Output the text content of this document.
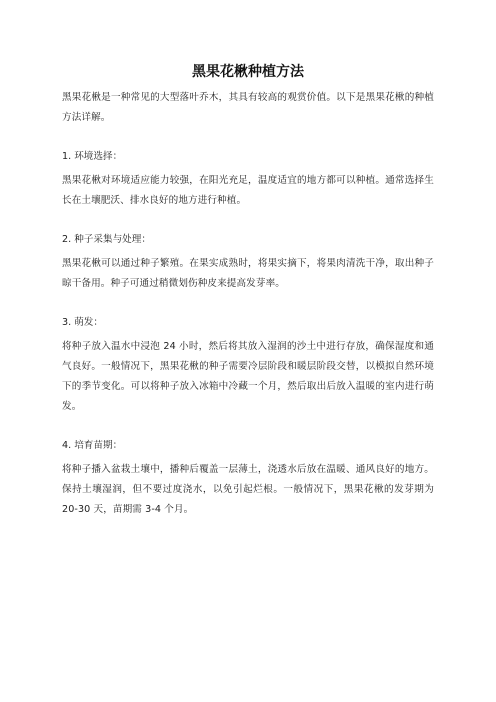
黑果花楸种植方法

黑果花楸是一种常见的大型落叶乔木，其具有较高的观赏价值。以下是黑果花楸的种植方法详解。

1. 环境选择：

黑果花楸对环境适应能力较强，在阳光充足，温度适宜的地方都可以种植。通常选择生长在土壤肥沃、排水良好的地方进行种植。

2. 种子采集与处理：

黑果花楸可以通过种子繁殖。在果实成熟时，将果实摘下，将果肉清洗干净，取出种子晾干备用。种子可通过稍微划伤种皮来提高发芽率。

3. 萌发：

将种子放入温水中浸泡 24 小时，然后将其放入湿润的沙土中进行存放，确保湿度和通气良好。一般情况下，黑果花楸的种子需要冷层阶段和暖层阶段交替，以模拟自然环境下的季节变化。可以将种子放入冰箱中冷藏一个月，然后取出后放入温暖的室内进行萌发。

4. 培育苗期：

将种子播入盆栽土壤中，播种后覆盖一层薄土，浇透水后放在温暖、通风良好的地方。保持土壤湿润，但不要过度浇水，以免引起烂根。一般情况下，黑果花楸的发芽期为 20-30 天，苗期需 3-4 个月。
